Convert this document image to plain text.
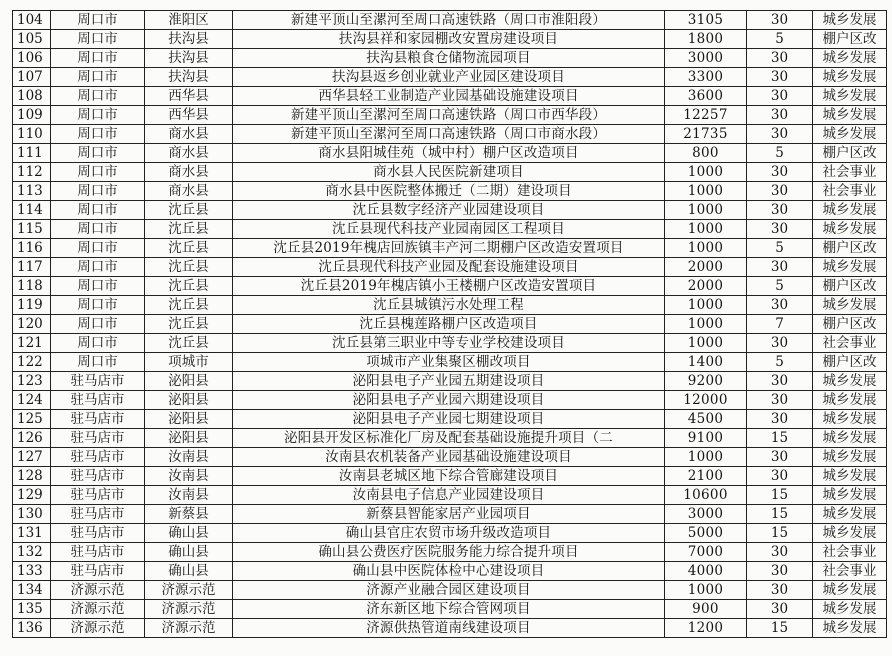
104	周口市	淮阳区	新建平顶山至漯河至周口高速铁路（周口市淮阳段）	3105	30	城乡发展
105	周口市	扶沟县	扶沟县祥和家园棚改安置房建设项目	1800	5	棚户区改
106	周口市	扶沟县	扶沟县粮食仓储物流园项目	3000	30	城乡发展
107	周口市	扶沟县	扶沟县返乡创业就业产业园区建设项目	3300	30	城乡发展
108	周口市	西华县	西华县轻工业制造产业园基础设施建设项目	3600	30	城乡发展
109	周口市	西华县	新建平顶山至漯河至周口高速铁路（周口市西华段）	12257	30	城乡发展
110	周口市	商水县	新建平顶山至漯河至周口高速铁路（周口市商水段）	21735	30	城乡发展
111	周口市	商水县	商水县阳城佳苑（城中村）棚户区改造项目	800	5	棚户区改
112	周口市	商水县	商水县人民医院新建项目	1000	30	社会事业
113	周口市	商水县	商水县中医院整体搬迁（二期）建设项目	1000	30	社会事业
114	周口市	沈丘县	沈丘县数字经济产业园建设项目	1000	30	城乡发展
115	周口市	沈丘县	沈丘县现代科技产业园南园区工程项目	1000	30	城乡发展
116	周口市	沈丘县	沈丘县2019年槐店回族镇丰产河二期棚户区改造安置项目	1000	5	棚户区改
117	周口市	沈丘县	沈丘县现代科技产业园及配套设施建设项目	2000	30	城乡发展
118	周口市	沈丘县	沈丘县2019年槐店镇小王楼棚户区改造安置项目	2000	5	棚户区改
119	周口市	沈丘县	沈丘县城镇污水处理工程	1000	30	城乡发展
120	周口市	沈丘县	沈丘县槐莲路棚户区改造项目	1000	7	棚户区改
121	周口市	沈丘县	沈丘县第三职业中等专业学校建设项目	1000	30	社会事业
122	周口市	项城市	项城市产业集聚区棚改项目	1400	5	棚户区改
123	驻马店市	泌阳县	泌阳县电子产业园五期建设项目	9200	30	城乡发展
124	驻马店市	泌阳县	泌阳县电子产业园六期建设项目	12000	30	城乡发展
125	驻马店市	泌阳县	泌阳县电子产业园七期建设项目	4500	30	城乡发展
126	驻马店市	泌阳县	泌阳县开发区标准化厂房及配套基础设施提升项目（二	9100	15	城乡发展
127	驻马店市	汝南县	汝南县农机装备产业园基础设施建设项目	1000	30	城乡发展
128	驻马店市	汝南县	汝南县老城区地下综合管廊建设项目	2100	30	城乡发展
129	驻马店市	汝南县	汝南县电子信息产业园建设项目	10600	15	城乡发展
130	驻马店市	新蔡县	新蔡县智能家居产业园项目	3000	15	城乡发展
131	驻马店市	确山县	确山县官庄农贸市场升级改造项目	5000	15	城乡发展
132	驻马店市	确山县	确山县公费医疗医院服务能力综合提升项目	7000	30	社会事业
133	驻马店市	确山县	确山县中医院体检中心建设项目	4000	30	社会事业
134	济源示范	济源示范	济源产业融合园区建设项目	1000	30	城乡发展
135	济源示范	济源示范	济东新区地下综合管网项目	900	30	城乡发展
136	济源示范	济源示范	济源供热管道南线建设项目	1200	15	城乡发展
